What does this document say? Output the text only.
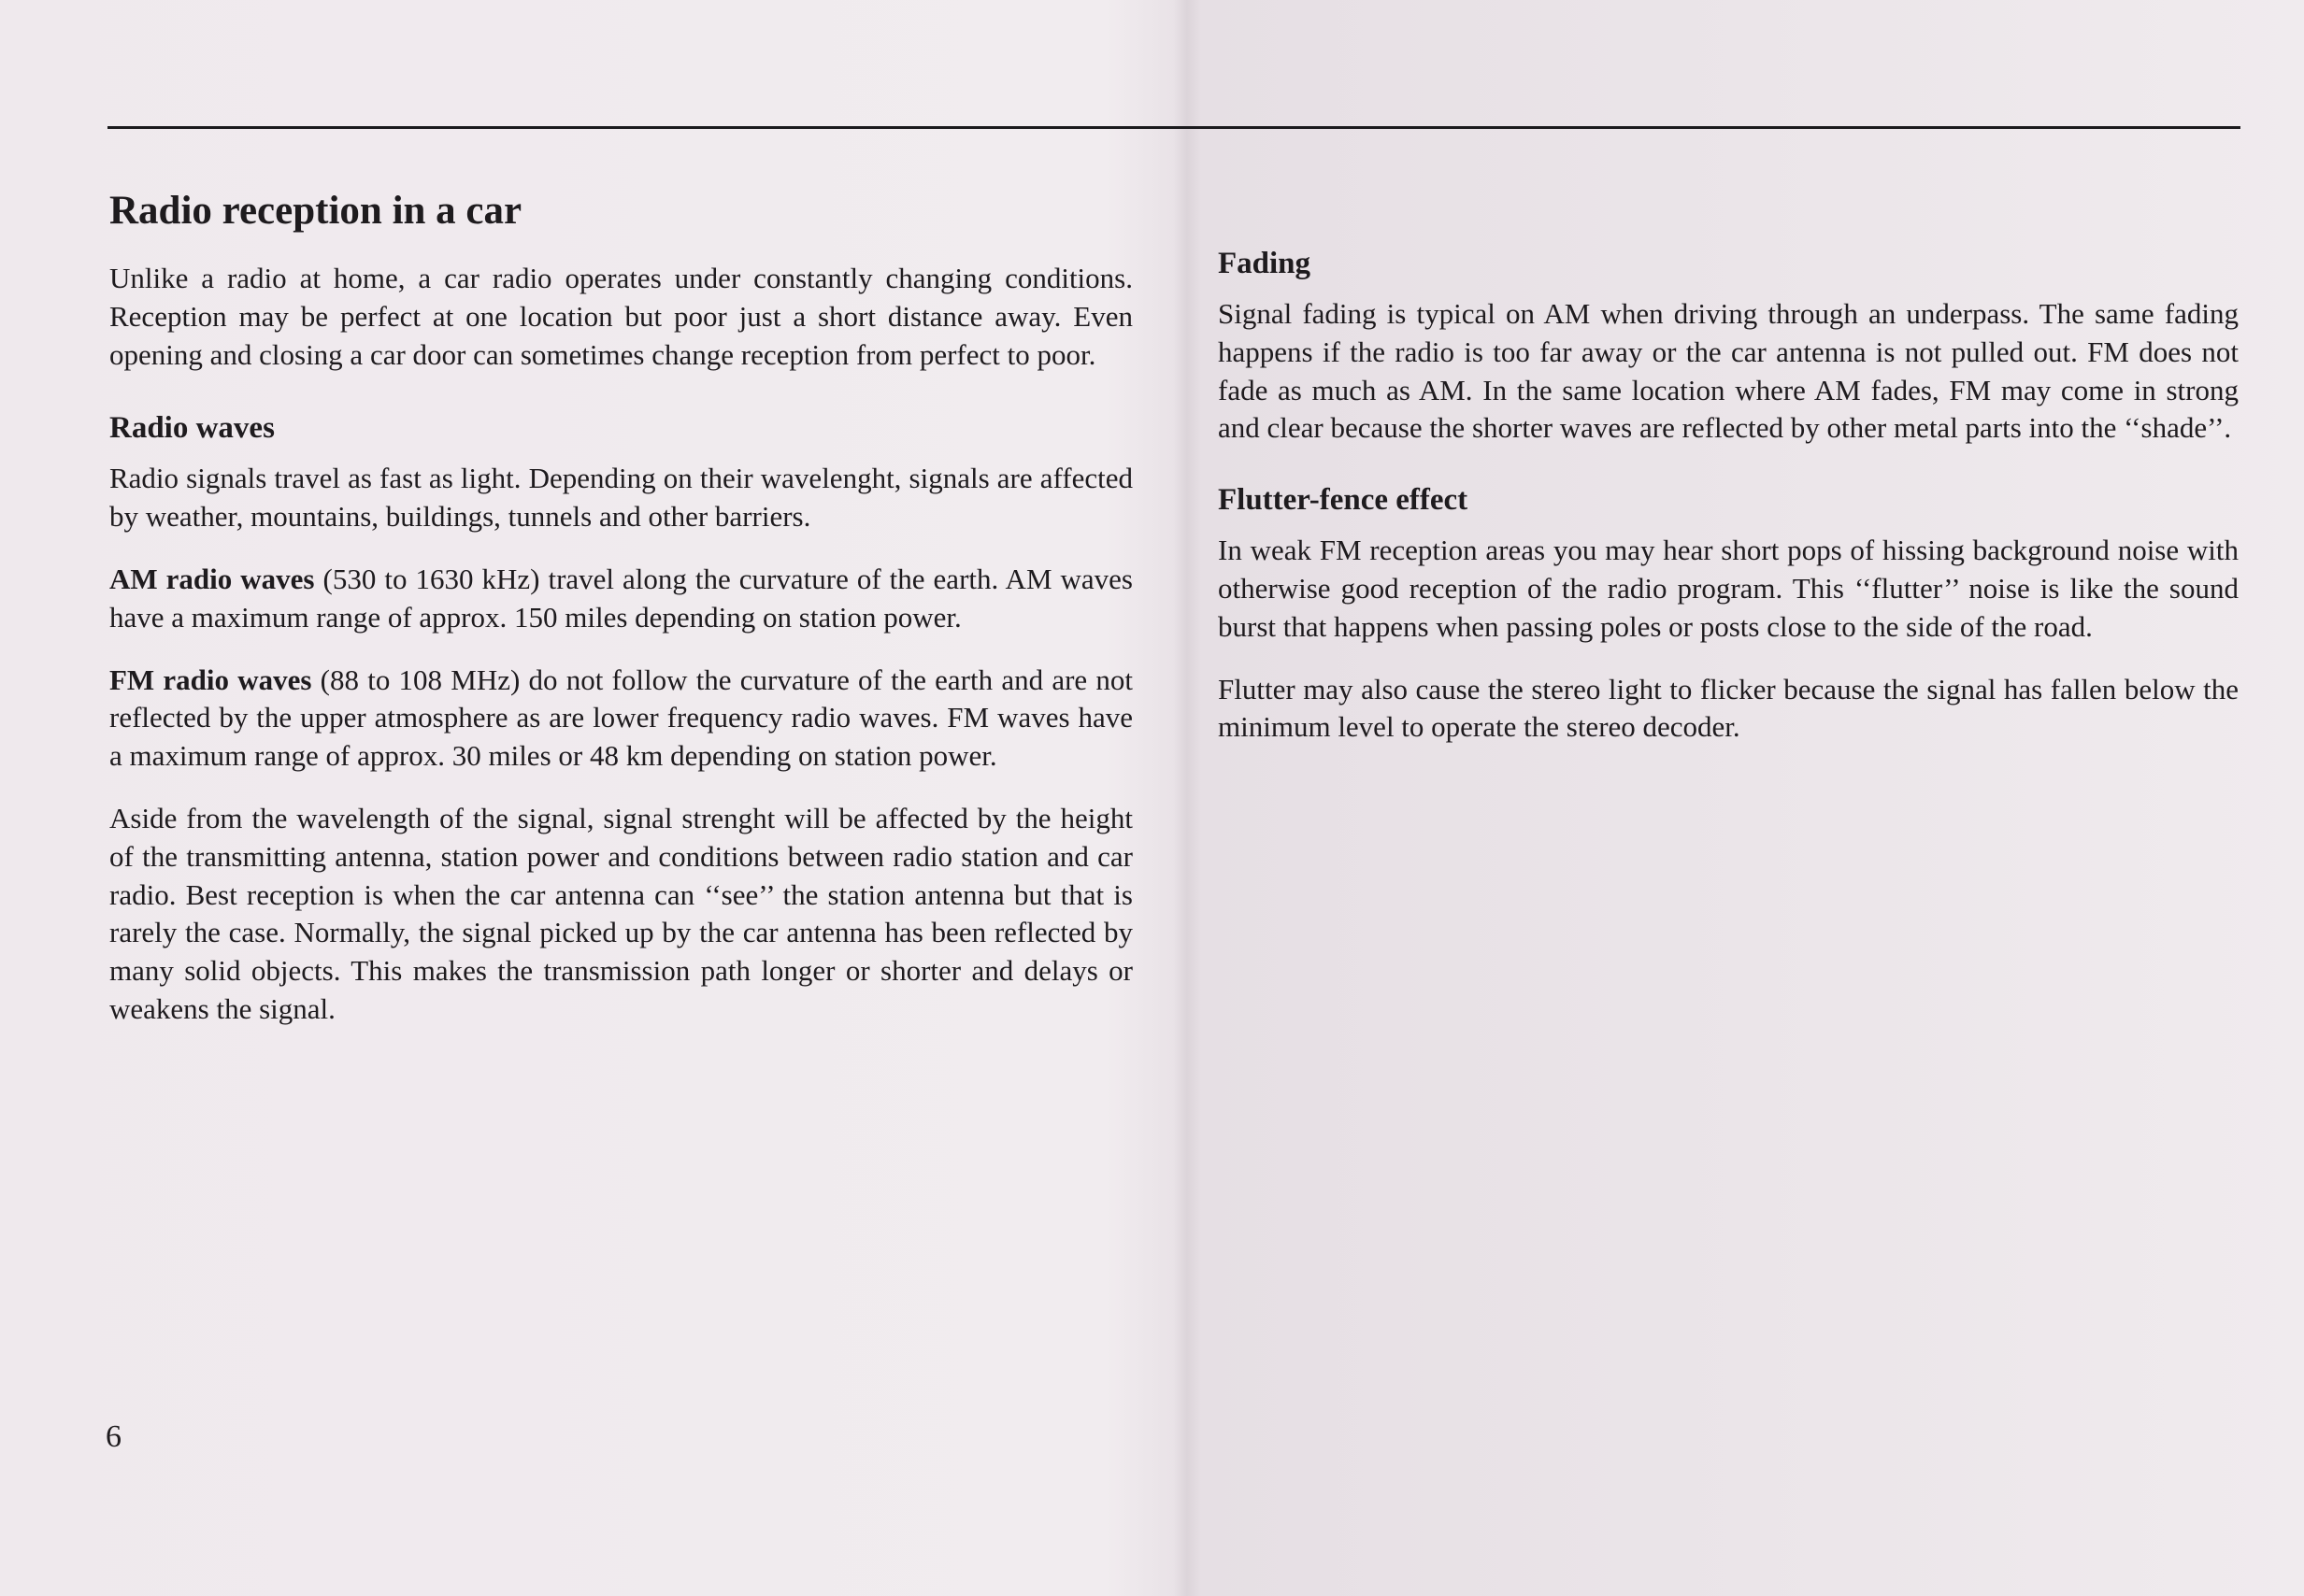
Radio reception in a car

Unlike a radio at home, a car radio operates under constantly changing conditions. Reception may be perfect at one location but poor just a short distance away. Even opening and closing a car door can sometimes change reception from perfect to poor.

Radio waves

Radio signals travel as fast as light. Depending on their wavelenght, signals are affected by weather, mountains, buildings, tunnels and other barriers.

AM radio waves (530 to 1630 kHz) travel along the curvature of the earth. AM waves have a maximum range of approx. 150 miles depending on station power.

FM radio waves (88 to 108 MHz) do not follow the curvature of the earth and are not reflected by the upper atmosphere as are lower frequency radio waves. FM waves have a maximum range of approx. 30 miles or 48 km depending on station power.

Aside from the wavelength of the signal, signal strenght will be affected by the height of the transmitting antenna, station power and conditions between radio station and car radio. Best reception is when the car antenna can ‘‘see’’ the station antenna but that is rarely the case. Normally, the signal picked up by the car antenna has been reflected by many solid objects. This makes the transmission path longer or shorter and delays or weakens the signal.

6
Fading

Signal fading is typical on AM when driving through an underpass. The same fading happens if the radio is too far away or the car antenna is not pulled out. FM does not fade as much as AM. In the same location where AM fades, FM may come in strong and clear because the shorter waves are reflected by other metal parts into the ‘‘shade’’.

Flutter-fence effect

In weak FM reception areas you may hear short pops of hissing background noise with otherwise good reception of the radio program. This ‘‘flutter’’ noise is like the sound burst that happens when passing poles or posts close to the side of the road.

Flutter may also cause the stereo light to flicker because the signal has fallen below the minimum level to operate the stereo decoder.
